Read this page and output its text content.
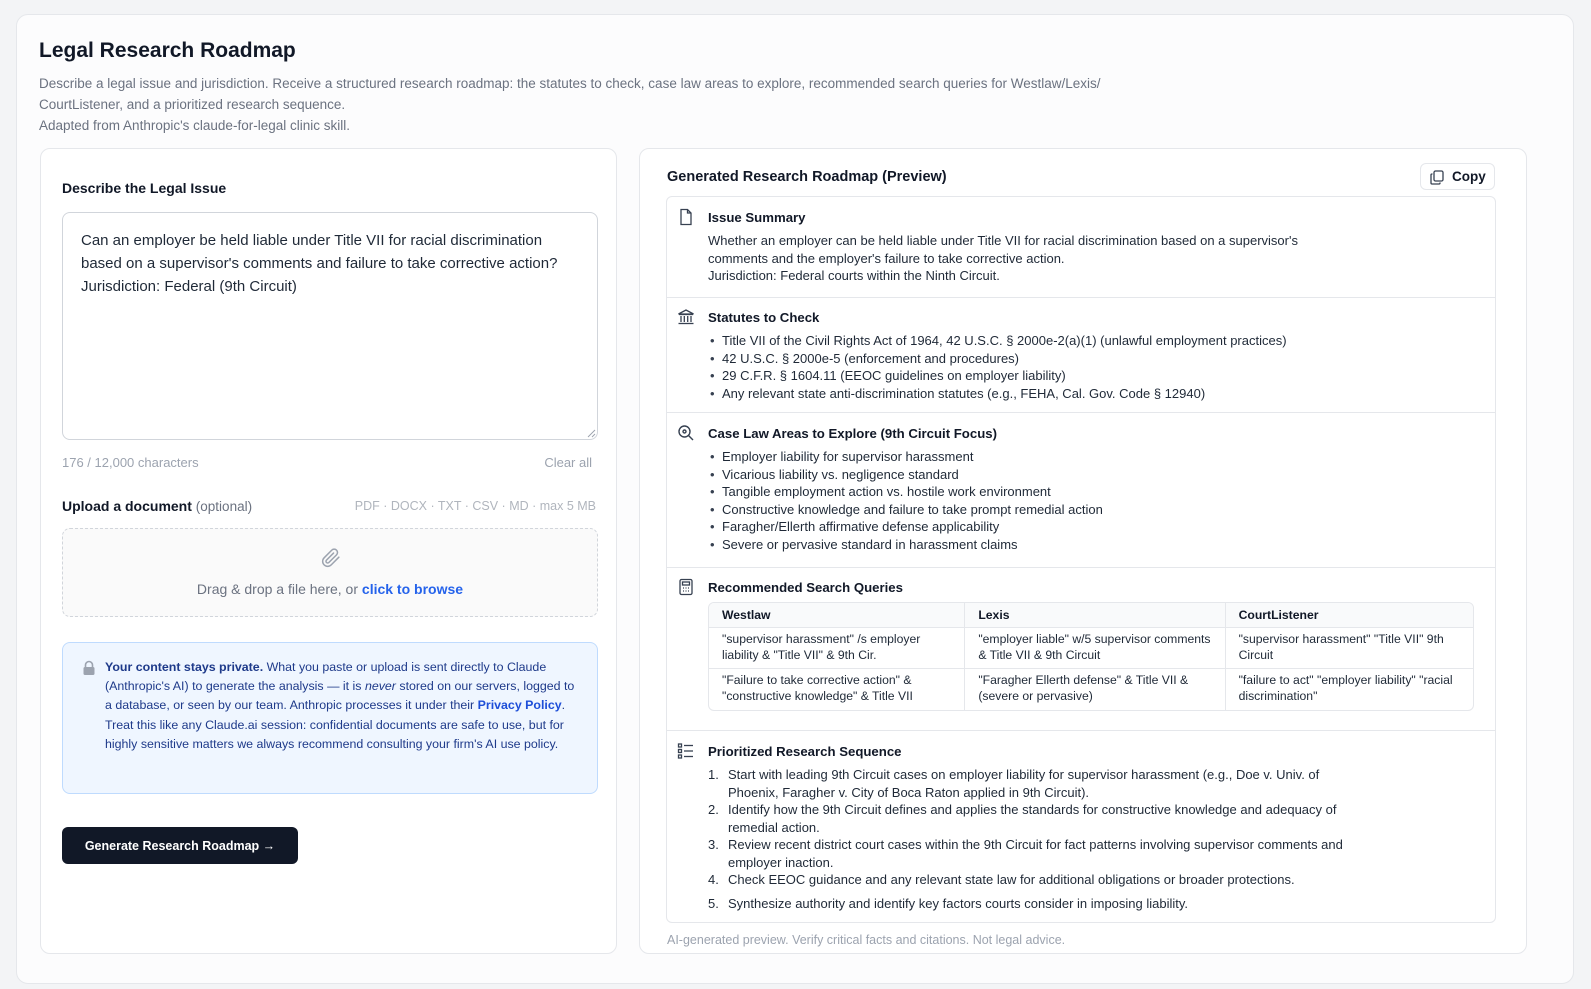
Legal Research Roadmap
Describe a legal issue and jurisdiction. Receive a structured research roadmap: the statutes to check, case law areas to explore, recommended search queries for Westlaw/Lexis/
CourtListener, and a prioritized research sequence.
Adapted from Anthropic's claude-for-legal clinic skill.
Describe the Legal Issue
Can an employer be held liable under Title VII for racial discrimination based on a supervisor's comments and failure to take corrective action? Jurisdiction: Federal (9th Circuit)
176 / 12,000 characters	Clear all
Upload a document (optional)	PDF · DOCX · TXT · CSV · MD · max 5 MB
Drag & drop a file here, or click to browse
Your content stays private. What you paste or upload is sent directly to Claude (Anthropic's AI) to generate the analysis — it is never stored on our servers, logged to a database, or seen by our team. Anthropic processes it under their Privacy Policy. Treat this like any Claude.ai session: confidential documents are safe to use, but for highly sensitive matters we always recommend consulting your firm's AI use policy.
Generate Research Roadmap →
Generated Research Roadmap (Preview)	Copy
Issue Summary

Whether an employer can be held liable under Title VII for racial discrimination based on a supervisor's

comments and the employer's failure to take corrective action.

Jurisdiction: Federal courts within the Ninth Circuit.

Statutes to Check
• Title VII of the Civil Rights Act of 1964, 42 U.S.C. § 2000e-2(a)(1) (unlawful employment practices)
• 42 U.S.C. § 2000e-5 (enforcement and procedures)
• 29 C.F.R. § 1604.11 (EEOC guidelines on employer liability)
• Any relevant state anti-discrimination statutes (e.g., FEHA, Cal. Gov. Code § 12940)
Case Law Areas to Explore (9th Circuit Focus)
• Employer liability for supervisor harassment
• Vicarious liability vs. negligence standard
• Tangible employment action vs. hostile work environment
• Constructive knowledge and failure to take prompt remedial action
• Faragher/Ellerth affirmative defense applicability
• Severe or pervasive standard in harassment claims
Recommended Search Queries
Westlaw	Lexis	CourtListener
"supervisor harassment" /s employer liability & "Title VII" & 9th Cir.	"employer liable" w/5 supervisor comments & Title VII & 9th Circuit	"supervisor harassment" "Title VII" 9th Circuit
"Failure to take corrective action" & "constructive knowledge" & Title VII	"Faragher Ellerth defense" & Title VII & (severe or pervasive)	"failure to act" "employer liability" "racial discrimination"
Prioritized Research Sequence
1. Start with leading 9th Circuit cases on employer liability for supervisor harassment (e.g., Doe v. Univ. of Phoenix, Faragher v. City of Boca Raton applied in 9th Circuit).
2. Identify how the 9th Circuit defines and applies the standards for constructive knowledge and adequacy of remedial action.
3. Review recent district court cases within the 9th Circuit for fact patterns involving supervisor comments and employer inaction.
4. Check EEOC guidance and any relevant state law for additional obligations or broader protections.
5. Synthesize authority and identify key factors courts consider in imposing liability.
AI-generated preview. Verify critical facts and citations. Not legal advice.
